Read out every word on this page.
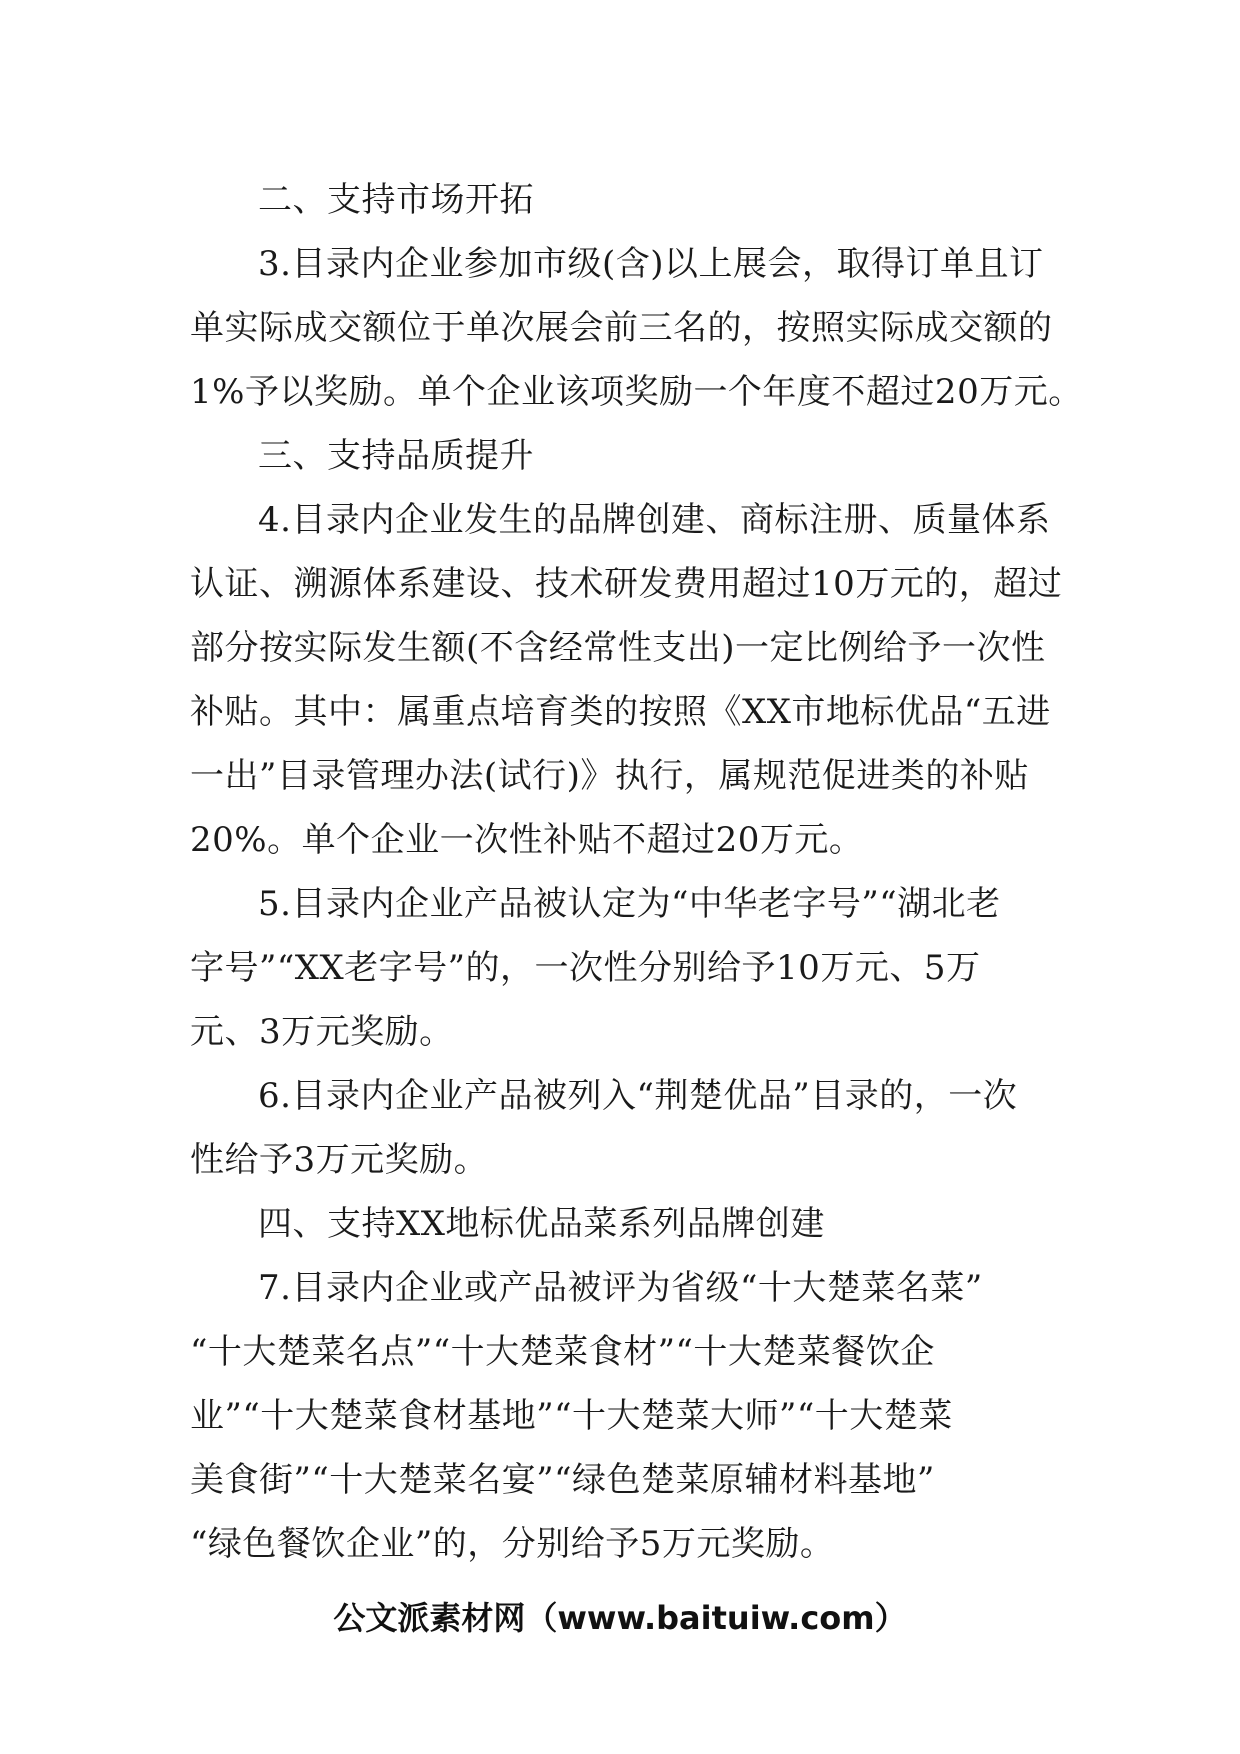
二、支持市场开拓
3.目录内企业参加市级(含)以上展会，取得订单且订
单实际成交额位于单次展会前三名的，按照实际成交额的
1%予以奖励。单个企业该项奖励一个年度不超过20万元。
三、支持品质提升
4.目录内企业发生的品牌创建、商标注册、质量体系
认证、溯源体系建设、技术研发费用超过10万元的，超过
部分按实际发生额(不含经常性支出)一定比例给予一次性
补贴。其中：属重点培育类的按照《XX市地标优品“五进
一出”目录管理办法(试行)》执行，属规范促进类的补贴
20%。单个企业一次性补贴不超过20万元。
5.目录内企业产品被认定为“中华老字号”“湖北老
字号”“XX老字号”的，一次性分别给予10万元、5万
元、3万元奖励。
6.目录内企业产品被列入“荆楚优品”目录的，一次
性给予3万元奖励。
四、支持XX地标优品菜系列品牌创建
7.目录内企业或产品被评为省级“十大楚菜名菜”
“十大楚菜名点”“十大楚菜食材”“十大楚菜餐饮企
业”“十大楚菜食材基地”“十大楚菜大师”“十大楚菜
美食街”“十大楚菜名宴”“绿色楚菜原辅材料基地”
“绿色餐饮企业”的，分别给予5万元奖励。
公文派素材网（www.baituiw.com）
